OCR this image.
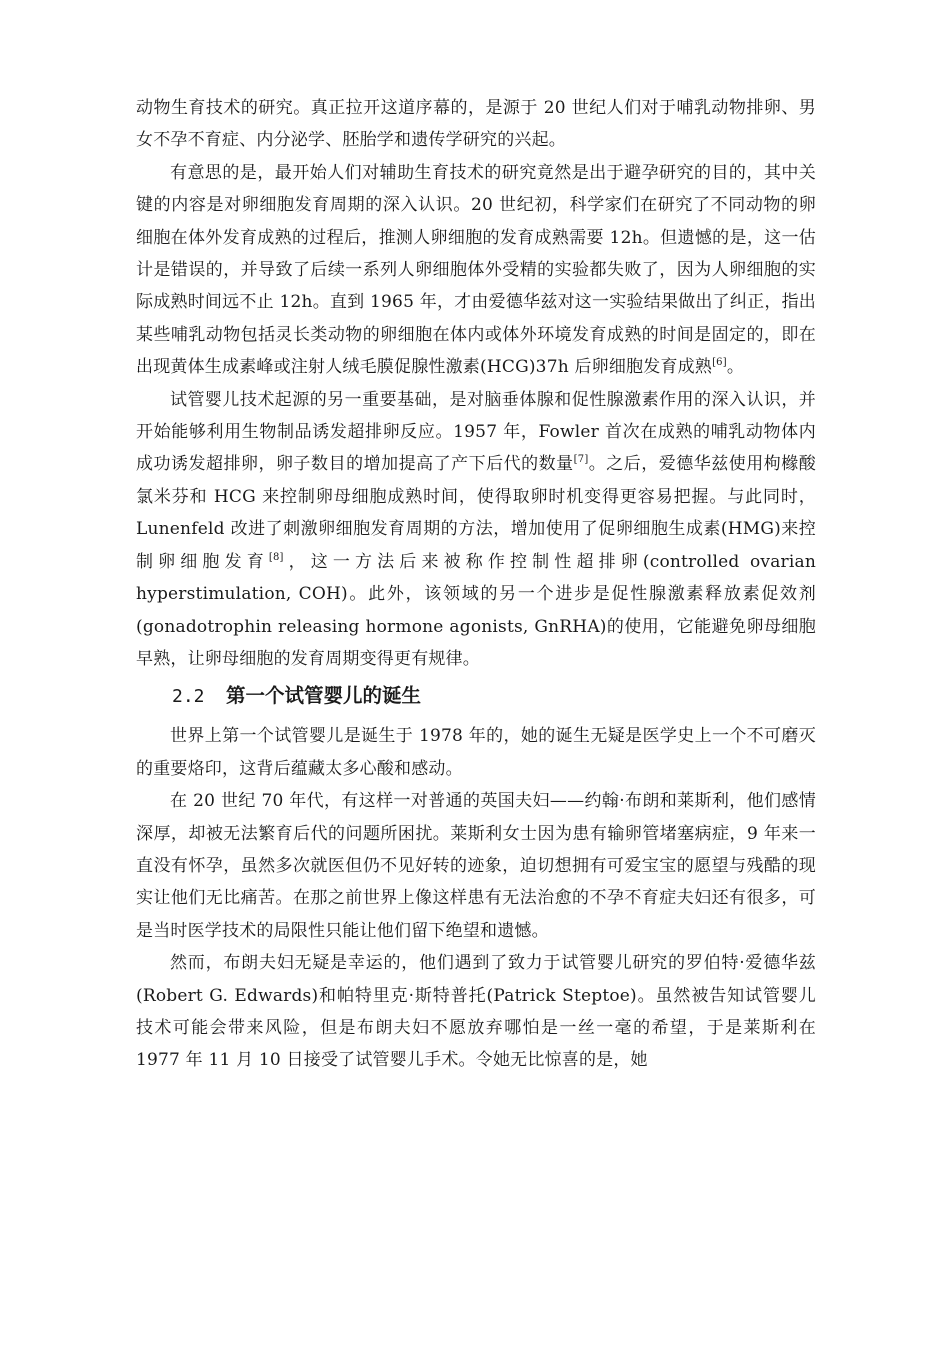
动物生育技术的研究。真正拉开这道序幕的，是源于 20 世纪人们对于哺乳动物排卵、男女不孕不育症、内分泌学、胚胎学和遗传学研究的兴起。

有意思的是，最开始人们对辅助生育技术的研究竟然是出于避孕研究的目的，其中关键的内容是对卵细胞发育周期的深入认识。20 世纪初，科学家们在研究了不同动物的卵细胞在体外发育成熟的过程后，推测人卵细胞的发育成熟需要 12h。但遗憾的是，这一估计是错误的，并导致了后续一系列人卵细胞体外受精的实验都失败了，因为人卵细胞的实际成熟时间远不止 12h。直到 1965 年，才由爱德华兹对这一实验结果做出了纠正，指出某些哺乳动物包括灵长类动物的卵细胞在体内或体外环境发育成熟的时间是固定的，即在出现黄体生成素峰或注射人绒毛膜促腺性激素(HCG)37h 后卵细胞发育成熟[6]。

试管婴儿技术起源的另一重要基础，是对脑垂体腺和促性腺激素作用的深入认识，并开始能够利用生物制品诱发超排卵反应。1957 年，Fowler 首次在成熟的哺乳动物体内成功诱发超排卵，卵子数目的增加提高了产下后代的数量[7]。之后，爱德华兹使用枸橼酸氯米芬和 HCG 来控制卵母细胞成熟时间，使得取卵时机变得更容易把握。与此同时，Lunenfeld 改进了刺激卵细胞发育周期的方法，增加使用了促卵细胞生成素(HMG)来控制卵细胞发育[8]，这一方法后来被称作控制性超排卵(controlled ovarian hyperstimulation, COH)。此外，该领域的另一个进步是促性腺激素释放素促效剂(gonadotrophin releasing hormone agonists, GnRHA)的使用，它能避免卵母细胞早熟，让卵母细胞的发育周期变得更有规律。

2.2 第一个试管婴儿的诞生

世界上第一个试管婴儿是诞生于 1978 年的，她的诞生无疑是医学史上一个不可磨灭的重要烙印，这背后蕴藏太多心酸和感动。

在 20 世纪 70 年代，有这样一对普通的英国夫妇——约翰·布朗和莱斯利，他们感情深厚，却被无法繁育后代的问题所困扰。莱斯利女士因为患有输卵管堵塞病症，9 年来一直没有怀孕，虽然多次就医但仍不见好转的迹象，迫切想拥有可爱宝宝的愿望与残酷的现实让他们无比痛苦。在那之前世界上像这样患有无法治愈的不孕不育症夫妇还有很多，可是当时医学技术的局限性只能让他们留下绝望和遗憾。

然而，布朗夫妇无疑是幸运的，他们遇到了致力于试管婴儿研究的罗伯特·爱德华兹(Robert G. Edwards)和帕特里克·斯特普托(Patrick Steptoe)。虽然被告知试管婴儿技术可能会带来风险，但是布朗夫妇不愿放弃哪怕是一丝一毫的希望，于是莱斯利在 1977 年 11 月 10 日接受了试管婴儿手术。令她无比惊喜的是，她
